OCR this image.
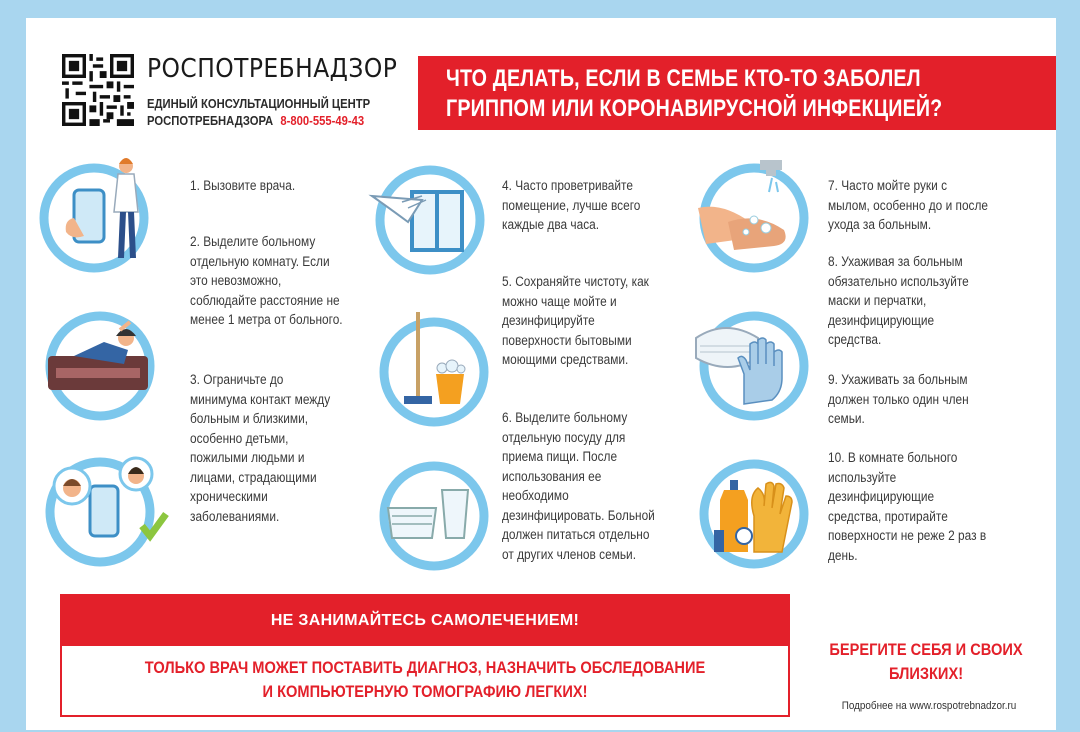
РОСПОТРЕБНАДЗОР
ЕДИНЫЙ КОНСУЛЬТАЦИОННЫЙ ЦЕНТР
РОСПОТРЕБНАДЗОРА 8-800-555-49-43
ЧТО ДЕЛАТЬ, ЕСЛИ В СЕМЬЕ КТО-ТО ЗАБОЛЕЛ
ГРИППОМ ИЛИ КОРОНАВИРУСНОЙ ИНФЕКЦИЕЙ?
1. Вызовите врача.
2. Выделите больному
отдельную комнату. Если
это невозможно,
соблюдайте расстояние не
менее 1 метра от больного.
3. Ограничьте до
минимума контакт между
больным и близкими,
особенно детьми,
пожилыми людьми и
лицами, страдающими
хроническими
заболеваниями.
4. Часто проветривайте
помещение, лучше всего
каждые два часа.
5. Сохраняйте чистоту, как
можно чаще мойте и
дезинфицируйте
поверхности бытовыми
моющими средствами.
6. Выделите больному
отдельную посуду для
приема пищи. После
использования ее
необходимо
дезинфицировать. Больной
должен питаться отдельно
от других членов семьи.
7. Часто мойте руки с
мылом, особенно до и после
ухода за больным.
8. Ухаживая за больным
обязательно используйте
маски и перчатки,
дезинфицирующие
средства.
9. Ухаживать за больным
должен только один член
семьи.
10. В комнате больного
используйте
дезинфицирующие
средства, протирайте
поверхности не реже 2 раз в
день.
НЕ ЗАНИМАЙТЕСЬ САМОЛЕЧЕНИЕМ!
ТОЛЬКО ВРАЧ МОЖЕТ ПОСТАВИТЬ ДИАГНОЗ, НАЗНАЧИТЬ ОБСЛЕДОВАНИЕ
И КОМПЬЮТЕРНУЮ ТОМОГРАФИЮ ЛЕГКИХ!
БЕРЕГИТЕ СЕБЯ И СВОИХ
БЛИЗКИХ!
Подробнее на www.rospotrebnadzor.ru
